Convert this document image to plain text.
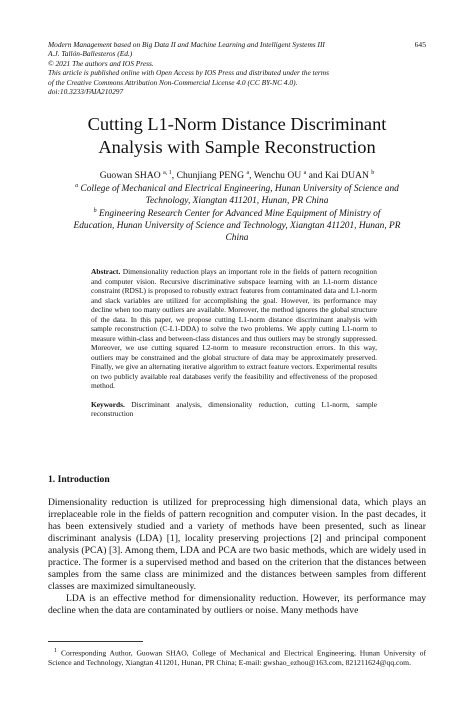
Modern Management based on Big Data II and Machine Learning and Intelligent Systems III
A.J. Tallón-Ballesteros (Ed.)
© 2021 The authors and IOS Press.
This article is published online with Open Access by IOS Press and distributed under the terms
of the Creative Commons Attribution Non-Commercial License 4.0 (CC BY-NC 4.0).
doi:10.3233/FAIA210297
645
Cutting L1-Norm Distance Discriminant
Analysis with Sample Reconstruction
Guowan SHAO $^{a, 1}$, Chunjiang PENG $^a$, Wenchu OU $^a$ and Kai DUAN $^b$
$^a$ College of Mechanical and Electrical Engineering, Hunan University of Science and
Technology, Xiangtan 411201, Hunan, PR China
$^b$ Engineering Research Center for Advanced Mine Equipment of Ministry of
Education, Hunan University of Science and Technology, Xiangtan 411201, Hunan, PR
China

Abstract. Dimensionality reduction plays an important role in the fields of pattern recognition and computer vision. Recursive discriminative subspace learning with an L1-norm distance constraint (RDSL) is proposed to robustly extract features from contaminated data and L1-norm and slack variables are utilized for accomplishing the goal. However, its performance may decline when too many outliers are available. Moreover, the method ignores the global structure of the data. In this paper, we propose cutting L1-norm distance discriminant analysis with sample reconstruction (C-L1-DDA) to solve the two problems. We apply cutting L1-norm to measure within-class and between-class distances and thus outliers may be strongly suppressed. Moreover, we use cutting squared L2-norm to measure reconstruction errors. In this way, outliers may be constrained and the global structure of data may be approximately preserved. Finally, we give an alternating iterative algorithm to extract feature vectors. Experimental results on two publicly available real databases verify the feasibility and effectiveness of the proposed method.

Keywords. Discriminant analysis, dimensionality reduction, cutting L1-norm, sample reconstruction

1. Introduction

Dimensionality reduction is utilized for preprocessing high dimensional data, which plays an irreplaceable role in the fields of pattern recognition and computer vision. In the past decades, it has been extensively studied and a variety of methods have been presented, such as linear discriminant analysis (LDA) [1], locality preserving projections [2] and principal component analysis (PCA) [3]. Among them, LDA and PCA are two basic methods, which are widely used in practice. The former is a supervised method and based on the criterion that the distances between samples from the same class are minimized and the distances between samples from different classes are maximized simultaneously.

LDA is an effective method for dimensionality reduction. However, its performance may decline when the data are contaminated by outliers or noise. Many methods have

$^1$ Corresponding Author, Guowan SHAO, College of Mechanical and Electrical Engineering, Hunan University of Science and Technology, Xiangtan 411201, Hunan, PR China; E-mail: gwshao_ezhou@163.com, 821211624@qq.com.
